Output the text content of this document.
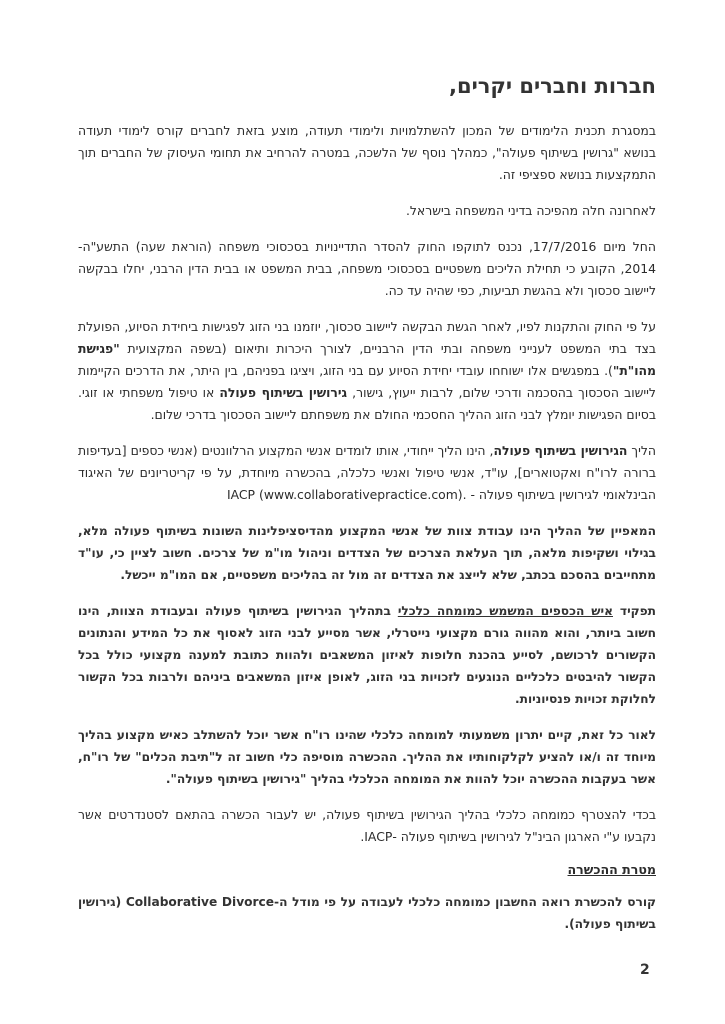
חברות וחברים יקרים,

במסגרת תכנית הלימודים של המכון להשתלמויות ולימודי תעודה, מוצע בזאת לחברים קורס לימודי תעודה בנושא "גרושין בשיתוף פעולה", כמהלך נוסף של הלשכה, במטרה להרחיב את תחומי העיסוק של החברים תוך התמקצעות בנושא ספציפי זה.

לאחרונה חלה מהפיכה בדיני המשפחה בישראל.

החל מיום 17/7/2016, נכנס לתוקפו החוק להסדר התדיינויות בסכסוכי משפחה (הוראת שעה) התשע"ה- 2014, הקובע כי תחילת הליכים משפטיים בסכסוכי משפחה, בבית המשפט או בבית הדין הרבני, יחלו בבקשה ליישוב סכסוך ולא בהגשת תביעות, כפי שהיה עד כה.

על פי החוק והתקנות לפיו, לאחר הגשת הבקשה ליישוב סכסוך, יוזמנו בני הזוג לפגישות ביחידת הסיוע, הפועלת בצד בתי המשפט לענייני משפחה ובתי הדין הרבניים, לצורך היכרות ותיאום (בשפה המקצועית "פגישת מהו"ת"). במפגשים אלו ישוחחו עובדי יחידת הסיוע עם בני הזוג, ויציגו בפניהם, בין היתר, את הדרכים הקיימות ליישוב הסכסוך בהסכמה ודרכי שלום, לרבות ייעוץ, גישור, גירושין בשיתוף פעולה או טיפול משפחתי או זוגי. בסיום הפגישות יומלץ לבני הזוג ההליך החסכמי החולם את משפחתם ליישוב הסכסוך בדרכי שלום.

הליך הגירושין בשיתוף פעולה, הינו הליך ייחודי, אותו לומדים אנשי המקצוע הרלוונטים (אנשי כספים [בעדיפות ברורה לרו"ח ואקטוארים], עו"ד, אנשי טיפול ואנשי כלכלה, בהכשרה מיוחדת, על פי קריטריונים של האיגוד הבינלאומי לגירושין בשיתוף פעולה - IACP (www.collaborativepractice.com).

המאפיין של ההליך הינו עבודת צוות של אנשי המקצוע מהדיסציפלינות השונות בשיתוף פעולה מלא, בגילוי ושקיפות מלאה, תוך העלאת הצרכים של הצדדים וניהול מו"מ של צרכים. חשוב לציין כי, עו"ד מתחייבים בהסכם בכתב, שלא לייצג את הצדדים זה מול זה בהליכים משפטיים, אם המו"מ ייכשל.

תפקיד איש הכספים המשמש כמומחה כלכלי בתהליך הגירושין בשיתוף פעולה ובעבודת הצוות, הינו חשוב ביותר, והוא מהווה גורם מקצועי נייטרלי, אשר מסייע לבני הזוג לאסוף את כל המידע והנתונים הקשורים לרכושם, לסייע בהכנת חלופות לאיזון המשאבים ולהוות כתובת למענה מקצועי כולל בכל הקשור להיבטים כלכליים הנוגעים לזכויות בני הזוג, לאופן איזון המשאבים ביניהם ולרבות בכל הקשור לחלוקת זכויות פנסיוניות.

לאור כל זאת, קיים יתרון משמעותי למומחה כלכלי שהינו רו"ח אשר יוכל להשתלב כאיש מקצוע בהליך מיוחד זה ו/או להציע לקלקוחותיו את ההליך. ההכשרה מוסיפה כלי חשוב זה ל"תיבת הכלים" של רו"ח, אשר בעקבות ההכשרה יוכל להוות את המומחה הכלכלי בהליך "גירושין בשיתוף פעולה".

בכדי להצטרף כמומחה כלכלי בהליך הגירושין בשיתוף פעולה, יש לעבור הכשרה בהתאם לסטנדרטים אשר נקבעו ע"י הארגון הבינ"ל לגירושין בשיתוף פעולה -IACP.

מטרת ההכשרה

קורס להכשרת רואה החשבון כמומחה כלכלי לעבודה על פי מודל ה-Collaborative Divorce (גירושין בשיתוף פעולה).

2
